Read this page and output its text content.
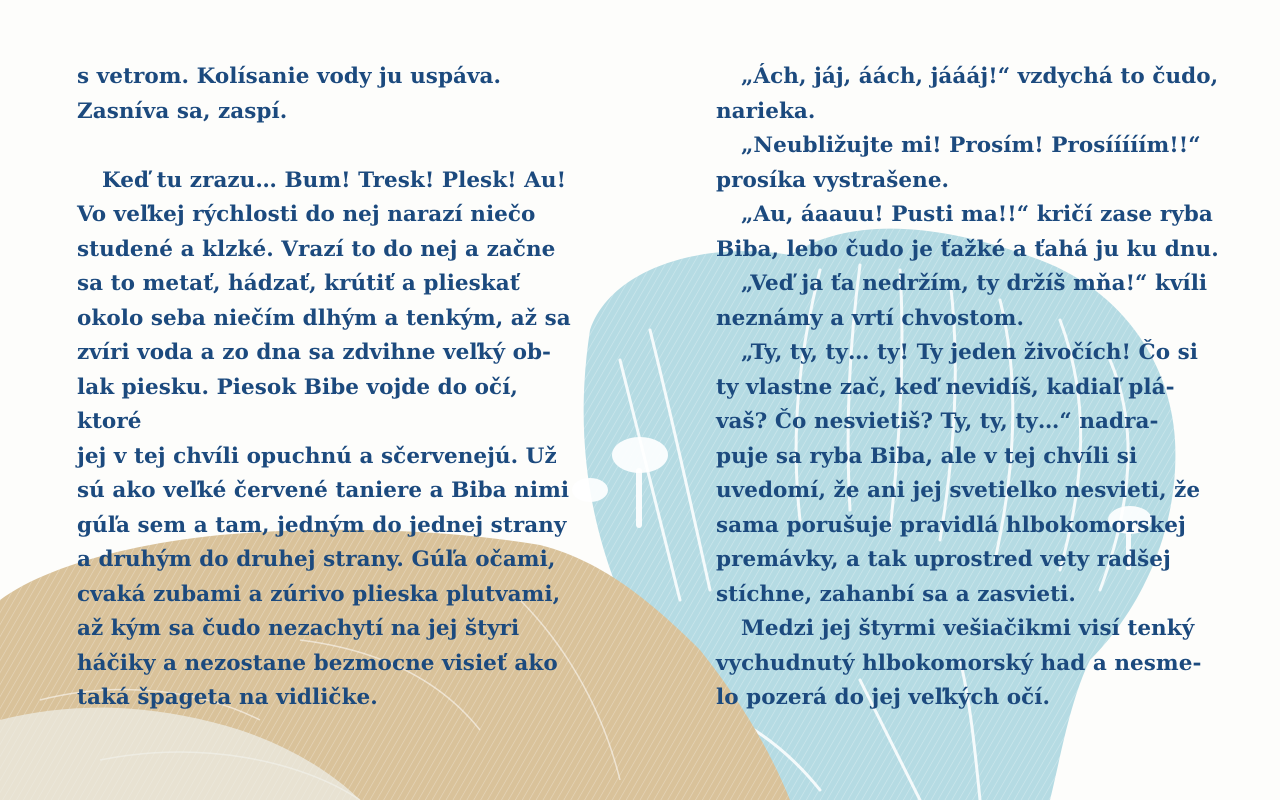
s vetrom. Kolísanie vody ju uspáva.
Zasníva sa, zaspí.

Keď tu zrazu… Bum! Tresk! Plesk! Au!
Vo veľkej rýchlosti do nej narazí niečo
studené a klzké. Vrazí to do nej a začne
sa to metať, hádzať, krútiť a plieskať
okolo seba niečím dlhým a tenkým, až sa
zvíri voda a zo dna sa zdvihne veľký ob-
lak piesku. Piesok Bibe vojde do očí, ktoré
jej v tej chvíli opuchnú a sčervenejú. Už
sú ako veľké červené taniere a Biba nimi
gúľa sem a tam, jedným do jednej strany
a druhým do druhej strany. Gúľa očami,
cvaká zubami a zúrivo plieska plutvami,
až kým sa čudo nezachytí na jej štyri
háčiky a nezostane bezmocne visieť ako
taká špageta na vidličke.

„Ách, jáj, áách, jáááj!“ vzdychá to čudo,
narieka.

„Neubližujte mi! Prosím! Prosííííím!!“
prosíka vystrašene.

„Au, áaauu! Pusti ma!!“ kričí zase ryba
Biba, lebo čudo je ťažké a ťahá ju ku dnu.

„Veď ja ťa nedržím, ty držíš mňa!“ kvíli
neznámy a vrtí chvostom.

„Ty, ty, ty… ty! Ty jeden živočích! Čo si
ty vlastne zač, keď nevidíš, kadiaľ plá-
vaš? Čo nesvietiš? Ty, ty, ty…“ nadra-
puje sa ryba Biba, ale v tej chvíli si
uvedomí, že ani jej svetielko nesvieti, že
sama porušuje pravidlá hlbokomorskej
premávky, a tak uprostred vety radšej
stíchne, zahanbí sa a zasvieti.

Medzi jej štyrmi vešiačikmi visí tenký
vychudnutý hlbokomorský had a nesme-
lo pozerá do jej veľkých očí.
